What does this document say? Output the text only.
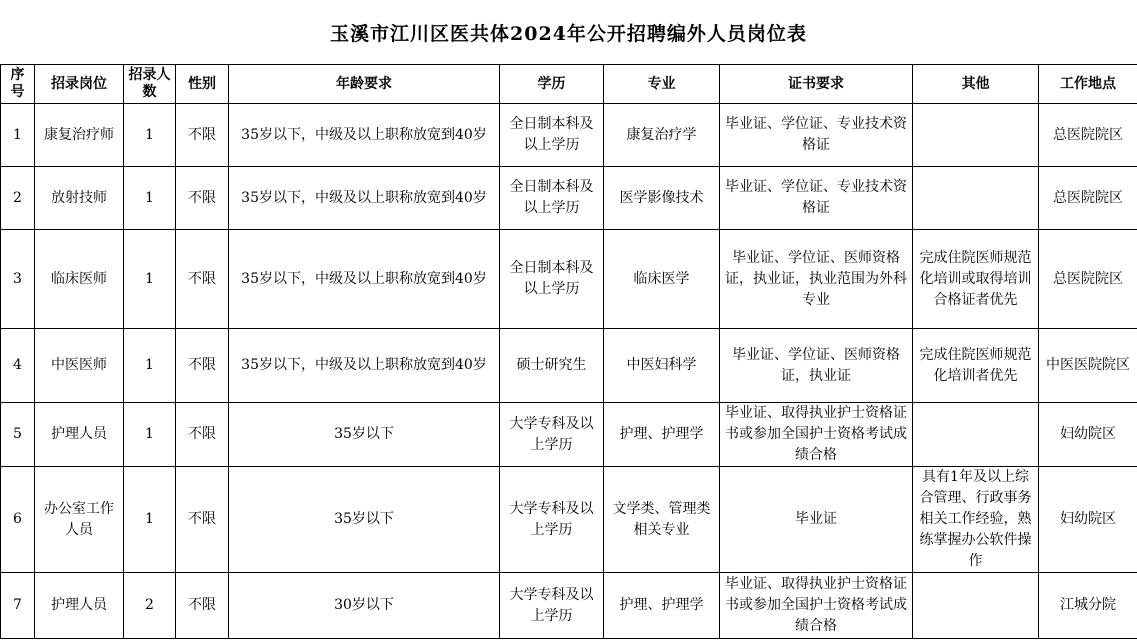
玉溪市江川区医共体2024年公开招聘编外人员岗位表
序号	招录岗位	招录人数	性别	年龄要求	学历	专业	证书要求	其他	工作地点
1	康复治疗师	1	不限	35岁以下，中级及以上职称放宽到40岁	全日制本科及以上学历	康复治疗学	毕业证、学位证、专业技术资格证		总医院院区
2	放射技师	1	不限	35岁以下，中级及以上职称放宽到40岁	全日制本科及以上学历	医学影像技术	毕业证、学位证、专业技术资格证		总医院院区
3	临床医师	1	不限	35岁以下，中级及以上职称放宽到40岁	全日制本科及以上学历	临床医学	毕业证、学位证、医师资格证，执业证，执业范围为外科专业	完成住院医师规范化培训或取得培训合格证者优先	总医院院区
4	中医医师	1	不限	35岁以下，中级及以上职称放宽到40岁	硕士研究生	中医妇科学	毕业证、学位证、医师资格证，执业证	完成住院医师规范化培训者优先	中医医院院区
5	护理人员	1	不限	35岁以下	大学专科及以上学历	护理、护理学	毕业证、取得执业护士资格证书或参加全国护士资格考试成绩合格		妇幼院区
6	办公室工作人员	1	不限	35岁以下	大学专科及以上学历	文学类、管理类相关专业	毕业证	具有1年及以上综合管理、行政事务相关工作经验，熟练掌握办公软件操作	妇幼院区
7	护理人员	2	不限	30岁以下	大学专科及以上学历	护理、护理学	毕业证、取得执业护士资格证书或参加全国护士资格考试成绩合格		江城分院
